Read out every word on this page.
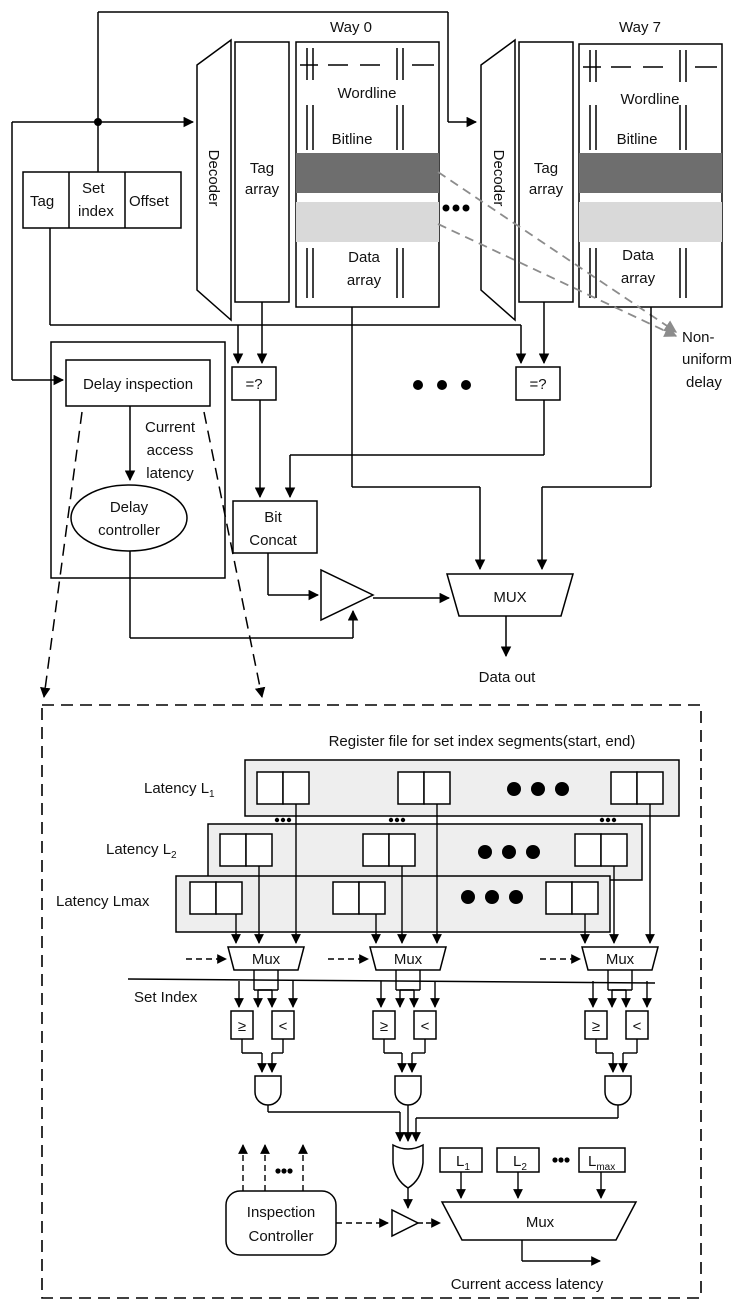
Tag
Set
index
Offset Decoder Tag
array
Wordline
Bitline
Data
array
Way 0
Decoder Tag
array
Wordline
Bitline
Data
array
Way 7
Non-
uniform
delay
=?	=?
Delay inspection
Current
access
latency
Delay
controller
Bit
Concat
MUX
Data out
Register file for set index segments(start, end)
Latency $L_1$
Latency $L_2$
Latency Lmax
Mux	Mux	Mux
Set Index
≥ <	≥ <	≥ <
Inspection
Controller
$L_1$	$L_2$	$L_{max}$
Mux
Current access latency
